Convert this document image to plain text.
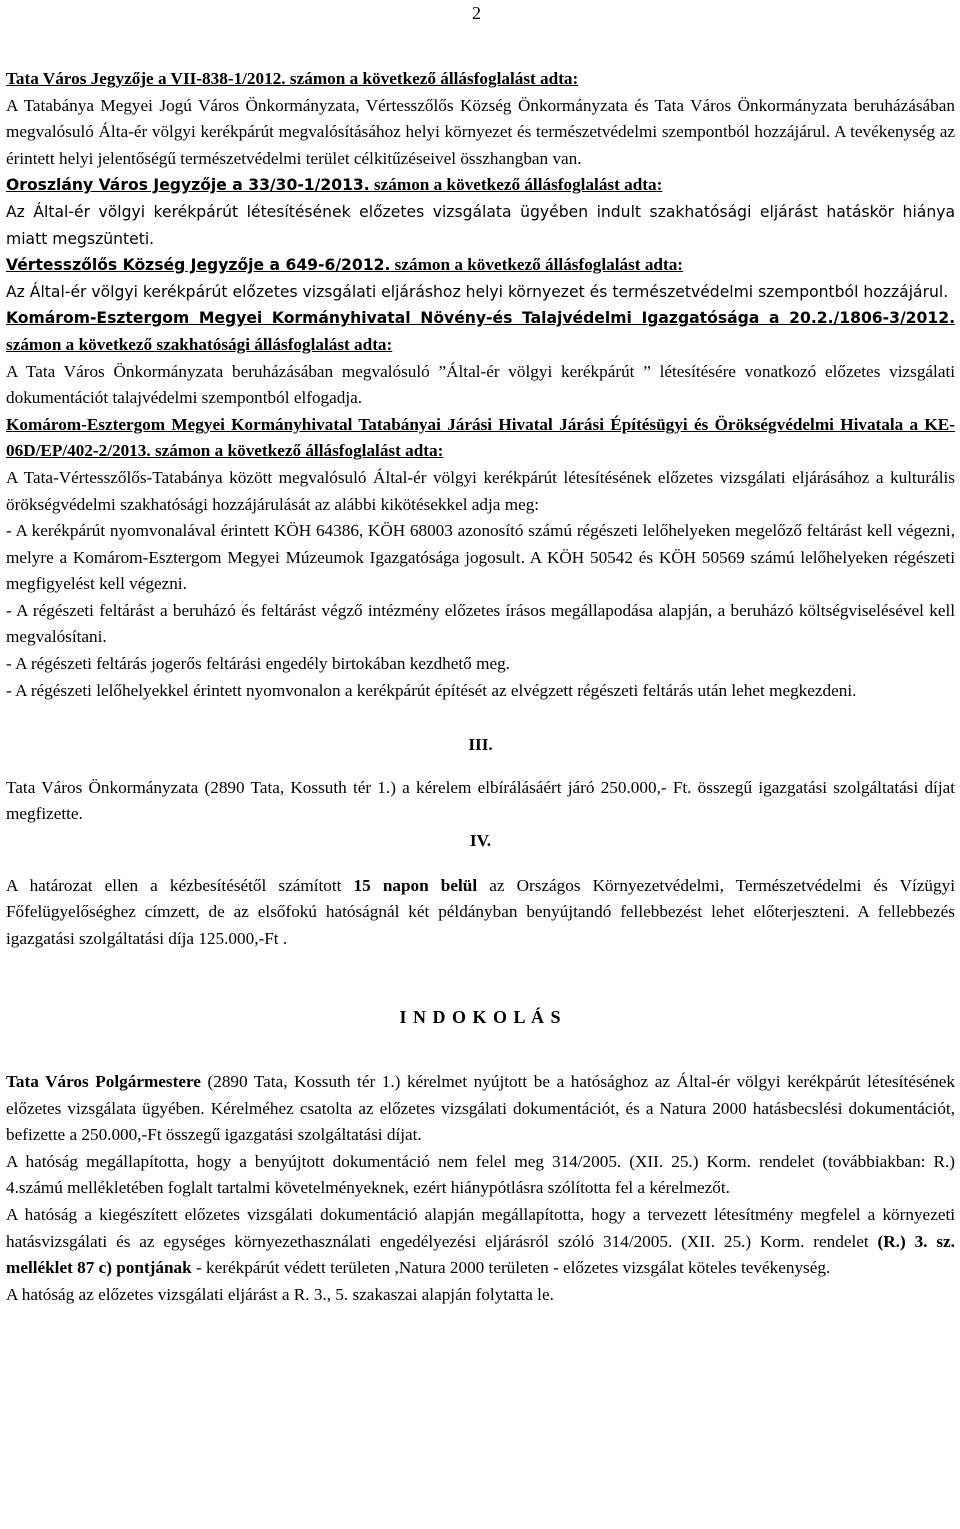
2

Tata Város Jegyzője a VII-838-1/2012. számon a következő állásfoglalást adta:

A Tatabánya Megyei Jogú Város Önkormányzata, Vértesszőlős Község Önkormányzata és Tata Város Önkormányzata beruházásában megvalósuló Álta-ér völgyi kerékpárút megvalósításához helyi környezet és természetvédelmi szempontból hozzájárul. A tevékenység az érintett helyi jelentőségű természetvédelmi terület célkitűzéseivel összhangban van.

Oroszlány Város Jegyzője a 33/30-1/2013. számon a következő állásfoglalást adta:

Az Által-ér völgyi kerékpárút létesítésének előzetes vizsgálata ügyében indult szakhatósági eljárást hatáskör hiánya miatt megszünteti.

Vértesszőlős Község Jegyzője a 649-6/2012. számon a következő állásfoglalást adta:

Az Által-ér völgyi kerékpárút előzetes vizsgálati eljáráshoz helyi környezet és természetvédelmi szempontból hozzájárul.

Komárom-Esztergom Megyei Kormányhivatal Növény-és Talajvédelmi Igazgatósága a 20.2./1806-3/2012. számon a következő szakhatósági állásfoglalást adta:

A Tata Város Önkormányzata beruházásában megvalósuló ”Által-ér völgyi kerékpárút ” létesítésére vonatkozó előzetes vizsgálati dokumentációt talajvédelmi szempontból elfogadja.

Komárom-Esztergom Megyei Kormányhivatal Tatabányai Járási Hivatal Járási Építésügyi és Örökségvédelmi Hivatala a KE-06D/EP/402-2/2013. számon a következő állásfoglalást adta:

A Tata-Vértesszőlős-Tatabánya között megvalósuló Által-ér völgyi kerékpárút létesítésének előzetes vizsgálati eljárásához a kulturális örökségvédelmi szakhatósági hozzájárulását az alábbi kikötésekkel adja meg:

- A kerékpárút nyomvonalával érintett KÖH 64386, KÖH 68003 azonosító számú régészeti lelőhelyeken megelőző feltárást kell végezni, melyre a Komárom-Esztergom Megyei Múzeumok Igazgatósága jogosult. A KÖH 50542 és KÖH 50569 számú lelőhelyeken régészeti megfigyelést kell végezni.

- A régészeti feltárást a beruházó és feltárást végző intézmény előzetes írásos megállapodása alapján, a beruházó költségviselésével kell megvalósítani.

- A régészeti feltárás jogerős feltárási engedély birtokában kezdhető meg.

- A régészeti lelőhelyekkel érintett nyomvonalon a kerékpárút építését az elvégzett régészeti feltárás után lehet megkezdeni.

III.

Tata Város Önkormányzata (2890 Tata, Kossuth tér 1.) a kérelem elbírálásáért járó 250.000,- Ft. összegű igazgatási szolgáltatási díjat megfizette.

IV.

A határozat ellen a kézbesítésétől számított 15 napon belül az Országos Környezetvédelmi, Természetvédelmi és Vízügyi Főfelügyelőséghez címzett, de az elsőfokú hatóságnál két példányban benyújtandó fellebbezést lehet előterjeszteni. A fellebbezés igazgatási szolgáltatási díja 125.000,-Ft .

I N D O K O L Á S

Tata Város Polgármestere (2890 Tata, Kossuth tér 1.) kérelmet nyújtott be a hatósághoz az Által-ér völgyi kerékpárút létesítésének előzetes vizsgálata ügyében. Kérelméhez csatolta az előzetes vizsgálati dokumentációt, és a Natura 2000 hatásbecslési dokumentációt, befizette a 250.000,-Ft összegű igazgatási szolgáltatási díjat.

A hatóság megállapította, hogy a benyújtott dokumentáció nem felel meg 314/2005. (XII. 25.) Korm. rendelet (továbbiakban: R.) 4.számú mellékletében foglalt tartalmi követelményeknek, ezért hiánypótlásra szólította fel a kérelmezőt.

A hatóság a kiegészített előzetes vizsgálati dokumentáció alapján megállapította, hogy a tervezett létesítmény megfelel a környezeti hatásvizsgálati és az egységes környezethasználati engedélyezési eljárásról szóló 314/2005. (XII. 25.) Korm. rendelet (R.) 3. sz. melléklet 87 c) pontjának - kerékpárút védett területen ,Natura 2000 területen - előzetes vizsgálat köteles tevékenység.

A hatóság az előzetes vizsgálati eljárást a R. 3., 5. szakaszai alapján folytatta le.
